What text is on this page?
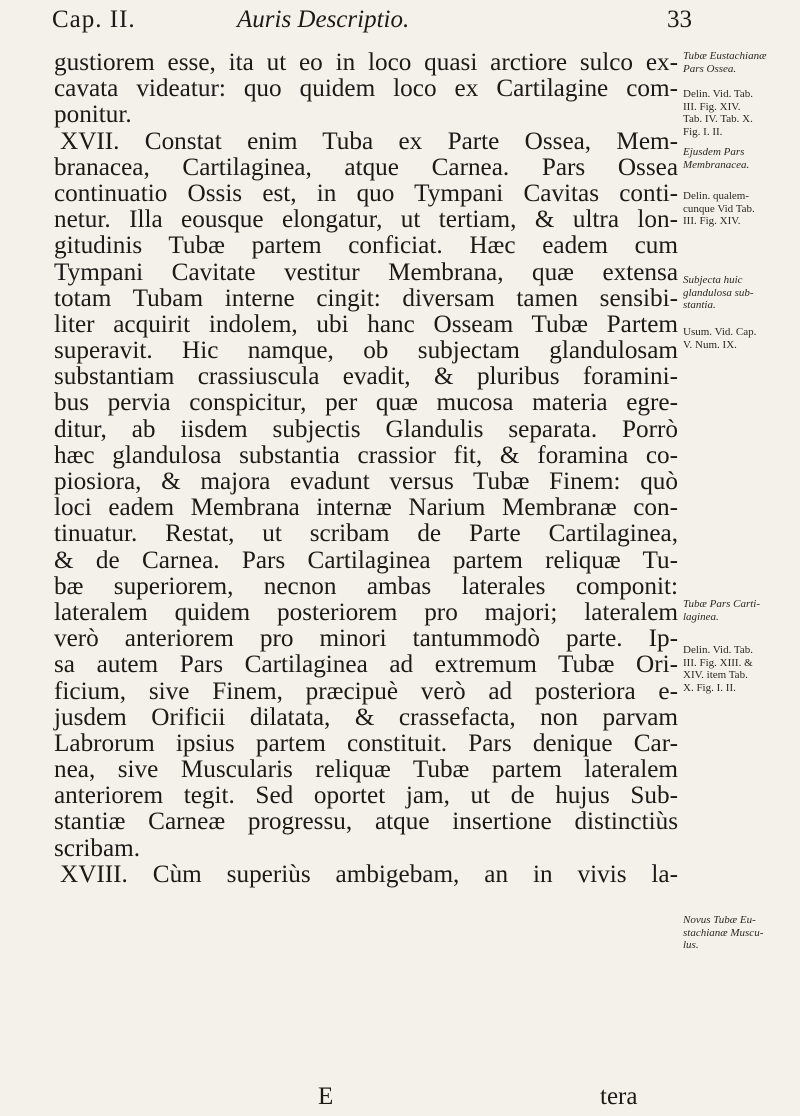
Cap. II.	Auris Descriptio.	33
gustiorem esse, ita ut eo in loco quasi arctiore sulco ex-
cavata videatur: quo quidem loco ex Cartilagine com-
ponitur.
XVII. Constat enim Tuba ex Parte Ossea, Mem-
branacea, Cartilaginea, atque Carnea. Pars Ossea
continuatio Ossis est, in quo Tympani Cavitas conti-
netur. Illa eousque elongatur, ut tertiam, & ultra lon-
gitudinis Tubæ partem conficiat. Hæc eadem cum
Tympani Cavitate vestitur Membrana, quæ extensa
totam Tubam interne cingit: diversam tamen sensibi-
liter acquirit indolem, ubi hanc Osseam Tubæ Partem
superavit. Hic namque, ob subjectam glandulosam
substantiam crassiuscula evadit, & pluribus foramini-
bus pervia conspicitur, per quæ mucosa materia egre-
ditur, ab iisdem subjectis Glandulis separata. Porrò
hæc glandulosa substantia crassior fit, & foramina co-
piosiora, & majora evadunt versus Tubæ Finem: quò
loci eadem Membrana internæ Narium Membranæ con-
tinuatur. Restat, ut scribam de Parte Cartilaginea,
& de Carnea. Pars Cartilaginea partem reliquæ Tu-
bæ superiorem, necnon ambas laterales componit:
lateralem quidem posteriorem pro majori; lateralem
verò anteriorem pro minori tantummodò parte. Ip-
sa autem Pars Cartilaginea ad extremum Tubæ Ori-
ficium, sive Finem, præcipuè verò ad posteriora e-
jusdem Orificii dilatata, & crassefacta, non parvam
Labrorum ipsius partem constituit. Pars denique Car-
nea, sive Muscularis reliquæ Tubæ partem lateralem
anteriorem tegit. Sed oportet jam, ut de hujus Sub-
stantiæ Carneæ progressu, atque insertione distinctiùs
scribam.
XVIII. Cùm superiùs ambigebam, an in vivis la-
Tubæ Eustachianæ
Pars Ossea.
Delin. Vid. Tab.
III. Fig. XIV.
Tab. IV. Tab. X.
Fig. I. II.
Ejusdem Pars
Membranacea.
Delin. qualem-
cunque Vid Tab.
III. Fig. XIV.
Subjecta huic
glandulosa sub-
stantia.
Usum. Vid. Cap.
V. Num. IX.
Tubæ Pars Carti-
laginea.
Delin. Vid. Tab.
III. Fig. XIII. &
XIV. item Tab.
X. Fig. I. II.
Novus Tubæ Eu-
stachianæ Muscu-
lus.
E	tera
